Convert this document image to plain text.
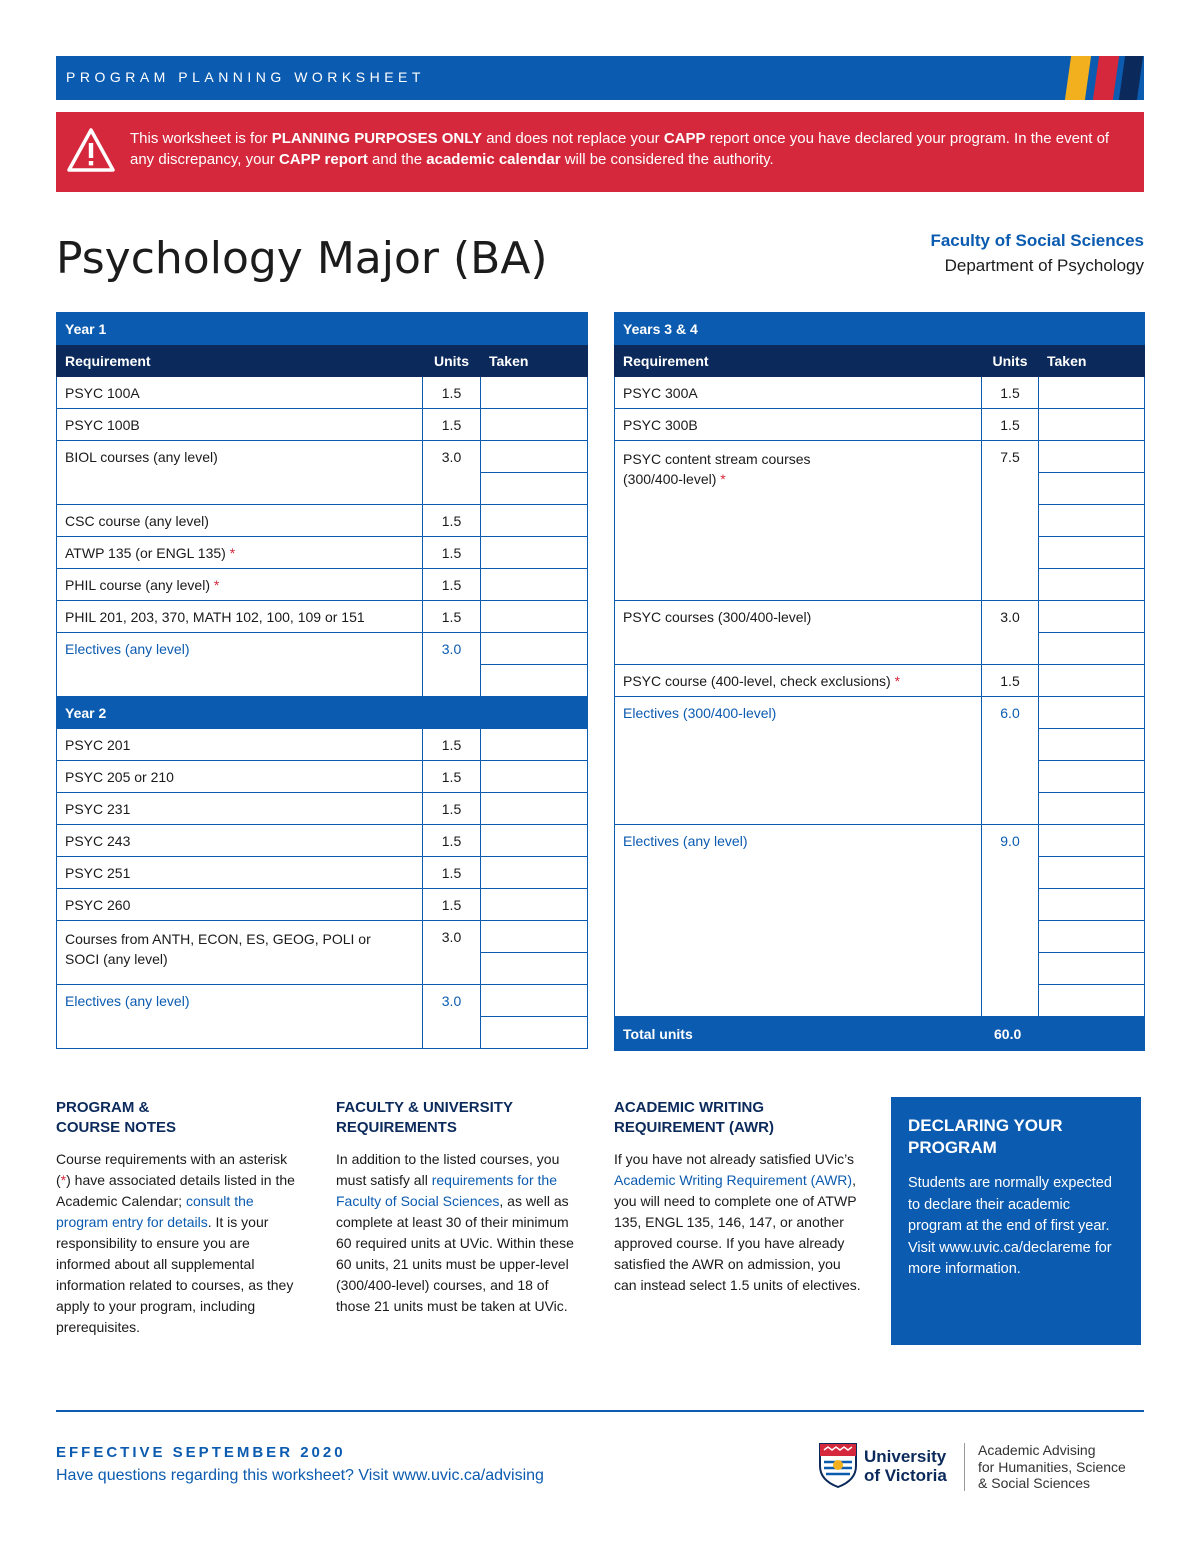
PROGRAM PLANNING WORKSHEET
This worksheet is for PLANNING PURPOSES ONLY and does not replace your CAPP report once you have declared your program. In the event of any discrepancy, your CAPP report and the academic calendar will be considered the authority.
Psychology Major (BA)	Faculty of Social Sciences
Department of Psychology
Year 1		
Requirement	Units	Taken
PSYC 100A	1.5	
PSYC 100B	1.5	
BIOL courses (any level)	3.0	

CSC course (any level)	1.5	
ATWP 135 (or ENGL 135) *	1.5	
PHIL course (any level) *	1.5	
PHIL 201, 203, 370, MATH 102, 100, 109 or 151	1.5	
Electives (any level)	3.0	

Year 2		
PSYC 201	1.5	
PSYC 205 or 210	1.5	
PSYC 231	1.5	
PSYC 243	1.5	
PSYC 251	1.5	
PSYC 260	1.5	
Courses from ANTH, ECON, ES, GEOG, POLI or SOCI (any level)	3.0	

Electives (any level)	3.0	

Years 3 & 4		
Requirement	Units	Taken
PSYC 300A	1.5	
PSYC 300B	1.5	
PSYC content stream courses (300/400-level) *	7.5	

PSYC courses (300/400-level)	3.0	

PSYC course (400-level, check exclusions) *	1.5	
Electives (300/400-level)	6.0	

Electives (any level)	9.0	

Total units	60.0	
PROGRAM &
COURSE NOTES
Course requirements with an asterisk (*) have associated details listed in the Academic Calendar; consult the program entry for details. It is your responsibility to ensure you are informed about all supplemental information related to courses, as they apply to your program, including prerequisites.
FACULTY & UNIVERSITY
REQUIREMENTS
In addition to the listed courses, you must satisfy all requirements for the Faculty of Social Sciences, as well as complete at least 30 of their minimum 60 required units at UVic. Within these 60 units, 21 units must be upper-level (300/400-level) courses, and 18 of those 21 units must be taken at UVic.
ACADEMIC WRITING
REQUIREMENT (AWR)
If you have not already satisfied UVic’s Academic Writing Requirement (AWR), you will need to complete one of ATWP 135, ENGL 135, 146, 147, or another approved course. If you have already satisfied the AWR on admission, you can instead select 1.5 units of electives.
DECLARING YOUR
PROGRAM

Students are normally expected to declare their academic program at the end of first year. Visit www.uvic.ca/declareme for more information.

EFFECTIVE SEPTEMBER 2020
Have questions regarding this worksheet? Visit www.uvic.ca/advising
University
of Victoria
Academic Advising
for Humanities, Science
& Social Sciences
